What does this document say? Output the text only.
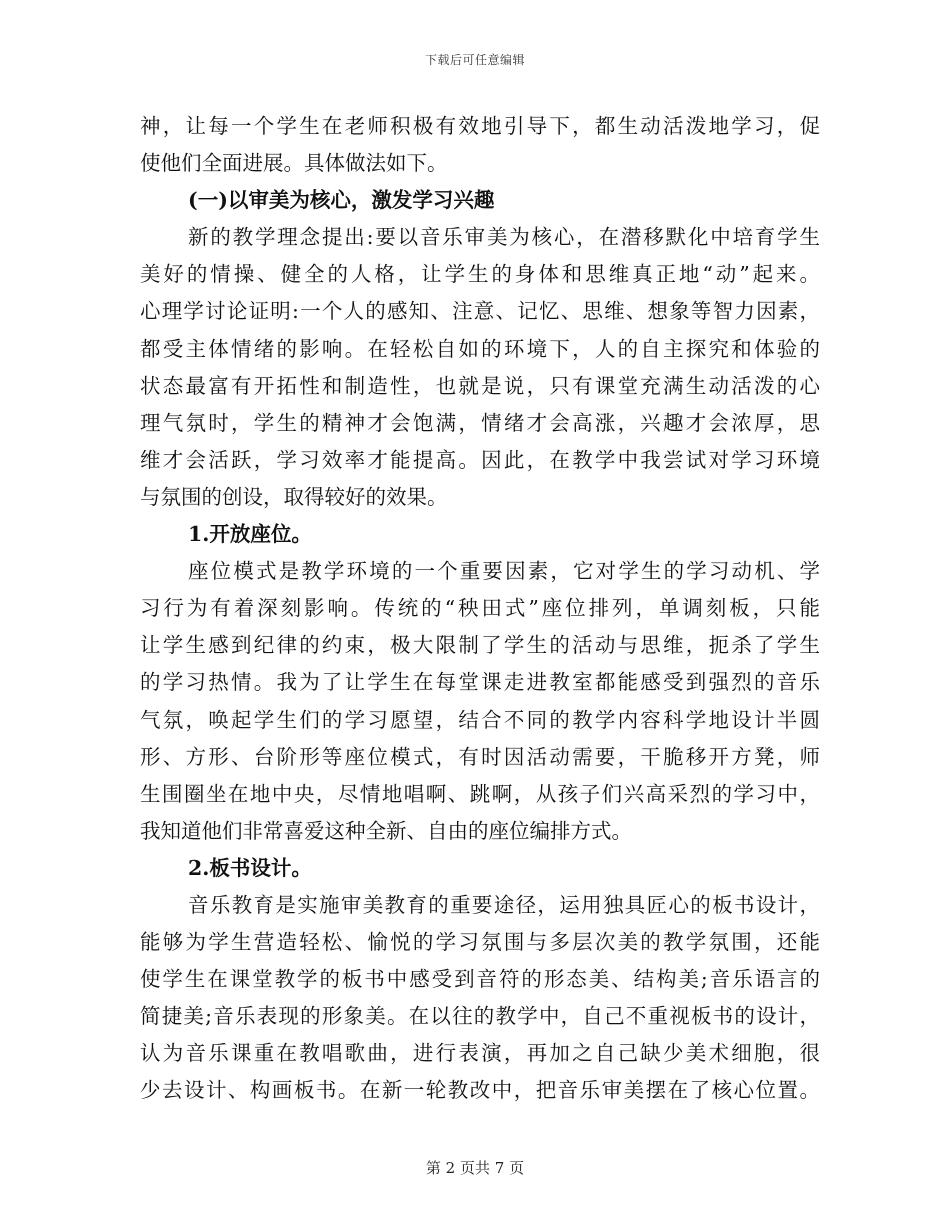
下载后可任意编辑
神，让每一个学生在老师积极有效地引导下，都生动活泼地学习，促
使他们全面进展。具体做法如下。
(一)以审美为核心，激发学习兴趣
新的教学理念提出:要以音乐审美为核心，在潜移默化中培育学生
美好的情操、健全的人格，让学生的身体和思维真正地“动”起来。
心理学讨论证明:一个人的感知、注意、记忆、思维、想象等智力因素，
都受主体情绪的影响。在轻松自如的环境下，人的自主探究和体验的
状态最富有开拓性和制造性，也就是说，只有课堂充满生动活泼的心
理气氛时，学生的精神才会饱满，情绪才会高涨，兴趣才会浓厚，思
维才会活跃，学习效率才能提高。因此，在教学中我尝试对学习环境
与氛围的创设，取得较好的效果。
1.开放座位。
座位模式是教学环境的一个重要因素，它对学生的学习动机、学
习行为有着深刻影响。传统的“秧田式”座位排列，单调刻板，只能
让学生感到纪律的约束，极大限制了学生的活动与思维，扼杀了学生
的学习热情。我为了让学生在每堂课走进教室都能感受到强烈的音乐
气氛，唤起学生们的学习愿望，结合不同的教学内容科学地设计半圆
形、方形、台阶形等座位模式，有时因活动需要，干脆移开方凳，师
生围圈坐在地中央，尽情地唱啊、跳啊，从孩子们兴高采烈的学习中，
我知道他们非常喜爱这种全新、自由的座位编排方式。
2.板书设计。
音乐教育是实施审美教育的重要途径，运用独具匠心的板书设计，
能够为学生营造轻松、愉悦的学习氛围与多层次美的教学氛围，还能
使学生在课堂教学的板书中感受到音符的形态美、结构美;音乐语言的
简捷美;音乐表现的形象美。在以往的教学中，自己不重视板书的设计，
认为音乐课重在教唱歌曲，进行表演，再加之自己缺少美术细胞，很
少去设计、构画板书。在新一轮教改中，把音乐审美摆在了核心位置。
第 2 页共 7 页
